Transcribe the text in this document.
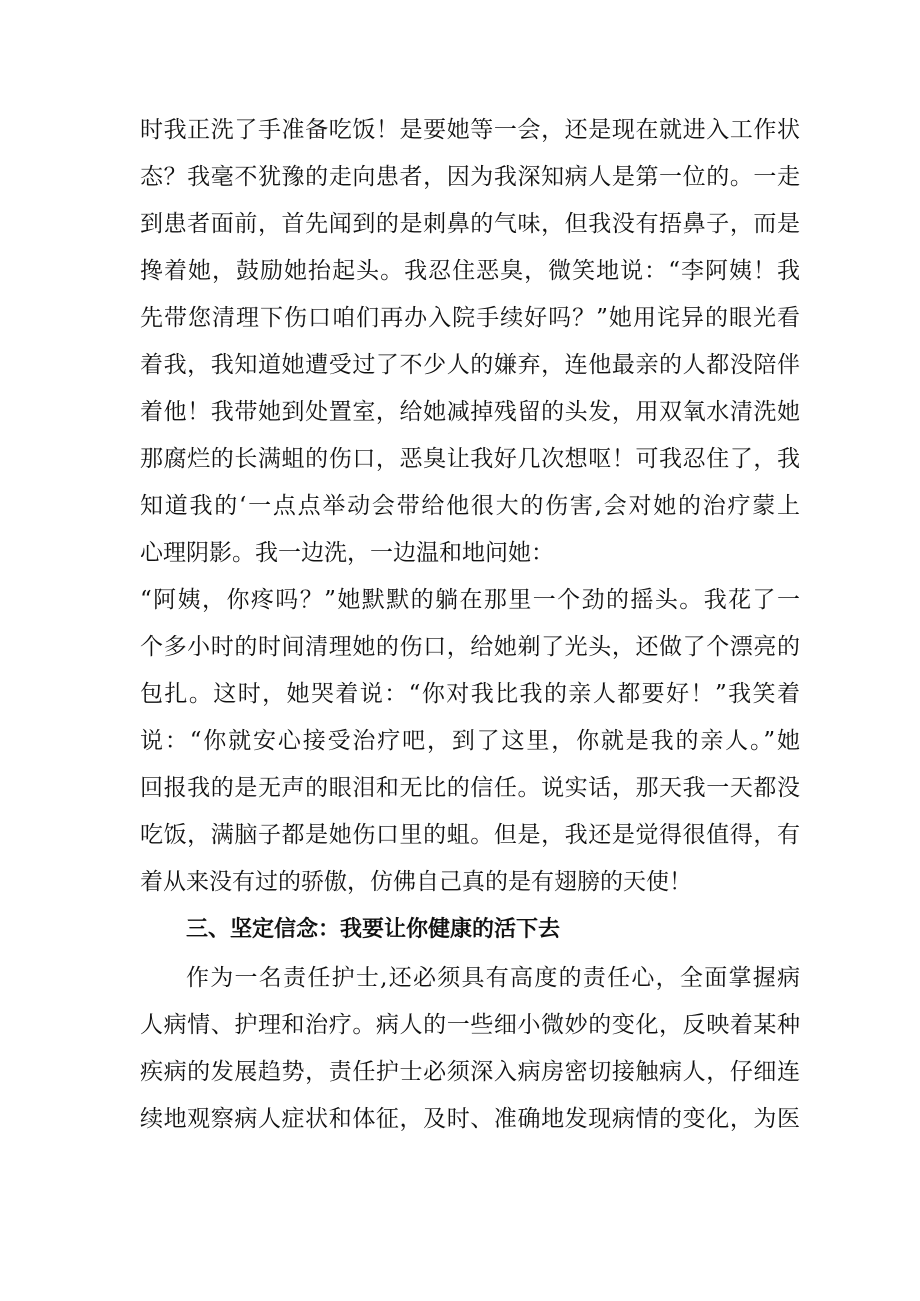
时我正洗了手准备吃饭！是要她等一会，还是现在就进入工作状
态？我毫不犹豫的走向患者，因为我深知病人是第一位的。一走
到患者面前，首先闻到的是刺鼻的气味，但我没有捂鼻子，而是
搀着她，鼓励她抬起头。我忍住恶臭，微笑地说：“李阿姨！我
先带您清理下伤口咱们再办入院手续好吗？”她用诧异的眼光看
着我，我知道她遭受过了不少人的嫌弃，连他最亲的人都没陪伴
着他！我带她到处置室，给她减掉残留的头发，用双氧水清洗她
那腐烂的长满蛆的伤口，恶臭让我好几次想呕！可我忍住了，我
知道我的‘一点点举动会带给他很大的伤害,会对她的治疗蒙上
心理阴影。我一边洗，一边温和地问她：
“阿姨，你疼吗？”她默默的躺在那里一个劲的摇头。我花了一
个多小时的时间清理她的伤口，给她剃了光头，还做了个漂亮的
包扎。这时，她哭着说：“你对我比我的亲人都要好！”我笑着
说：“你就安心接受治疗吧，到了这里，你就是我的亲人。”她
回报我的是无声的眼泪和无比的信任。说实话，那天我一天都没
吃饭，满脑子都是她伤口里的蛆。但是，我还是觉得很值得，有
着从来没有过的骄傲，仿佛自己真的是有翅膀的天使！
三、坚定信念：我要让你健康的活下去
作为一名责任护士,还必须具有高度的责任心，全面掌握病
人病情、护理和治疗。病人的一些细小微妙的变化，反映着某种
疾病的发展趋势，责任护士必须深入病房密切接触病人，仔细连
续地观察病人症状和体征，及时、准确地发现病情的变化，为医
